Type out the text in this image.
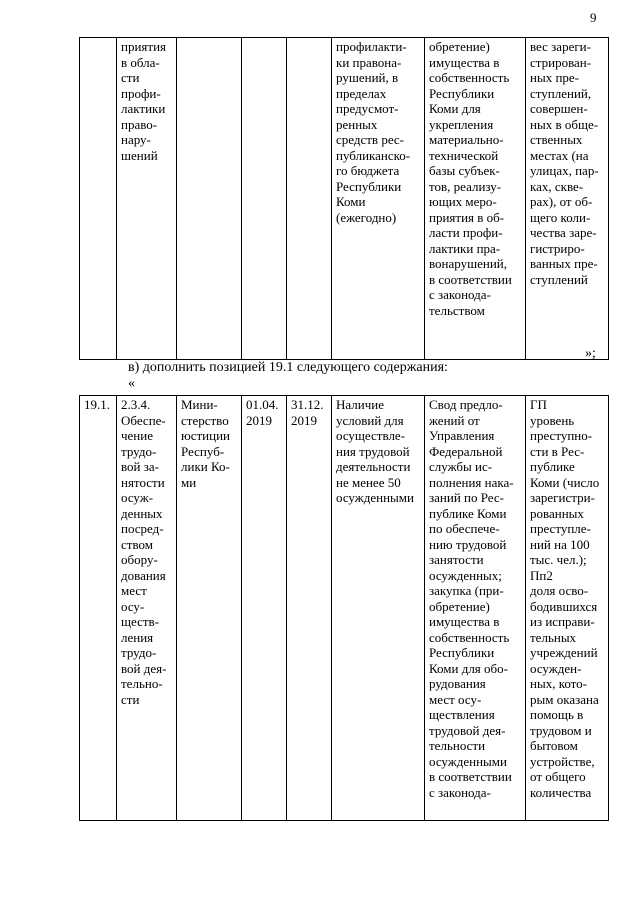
9
	приятия
в обла-
сти
профи-
лактики
право-
нару-
шений				профилакти-
ки правона-
рушений, в
пределах
предусмот-
ренных
средств рес-
публиканско-
го бюджета
Республики
Коми
(ежегодно)	обретение)
имущества в
собственность
Республики
Коми для
укрепления
материально-
технической
базы субъек-
тов, реализу-
ющих меро-
приятия в об-
ласти профи-
лактики пра-
вонарушений,
в соответствии
с законода-
тельством	вес зареги-
стрирован-
ных пре-
ступлений,
совершен-
ных в обще-
ственных
местах (на
улицах, пар-
ках, скве-
рах), от об-
щего коли-
чества заре-
гистриро-
ванных пре-
ступлений
»;
в) дополнить позицией 19.1 следующего содержания:
«
19.1.	2.3.4.
Обеспе-
чение
трудо-
вой за-
нятости
осуж-
денных
посред-
ством
обору-
дования
мест
осу-
ществ-
ления
трудо-
вой дея-
тельно-
сти	Мини-
стерство
юстиции
Респуб-
лики Ко-
ми	01.04.
2019	31.12.
2019	Наличие
условий для
осуществле-
ния трудовой
деятельности
не менее 50
осужденными	Свод предло-
жений от
Управления
Федеральной
службы ис-
полнения нака-
заний по Рес-
публике Коми
по обеспече-
нию трудовой
занятости
осужденных;
закупка (при-
обретение)
имущества в
собственность
Республики
Коми для обо-
рудования
мест осу-
ществления
трудовой дея-
тельности
осужденными
в соответствии
с законода-	ГП
уровень
преступно-
сти в Рес-
публике
Коми (число
зарегистри-
рованных
преступле-
ний на 100
тыс. чел.);
Пп2
доля осво-
бодившихся
из исправи-
тельных
учреждений
осужден-
ных, кото-
рым оказана
помощь в
трудовом и
бытовом
устройстве,
от общего
количества
